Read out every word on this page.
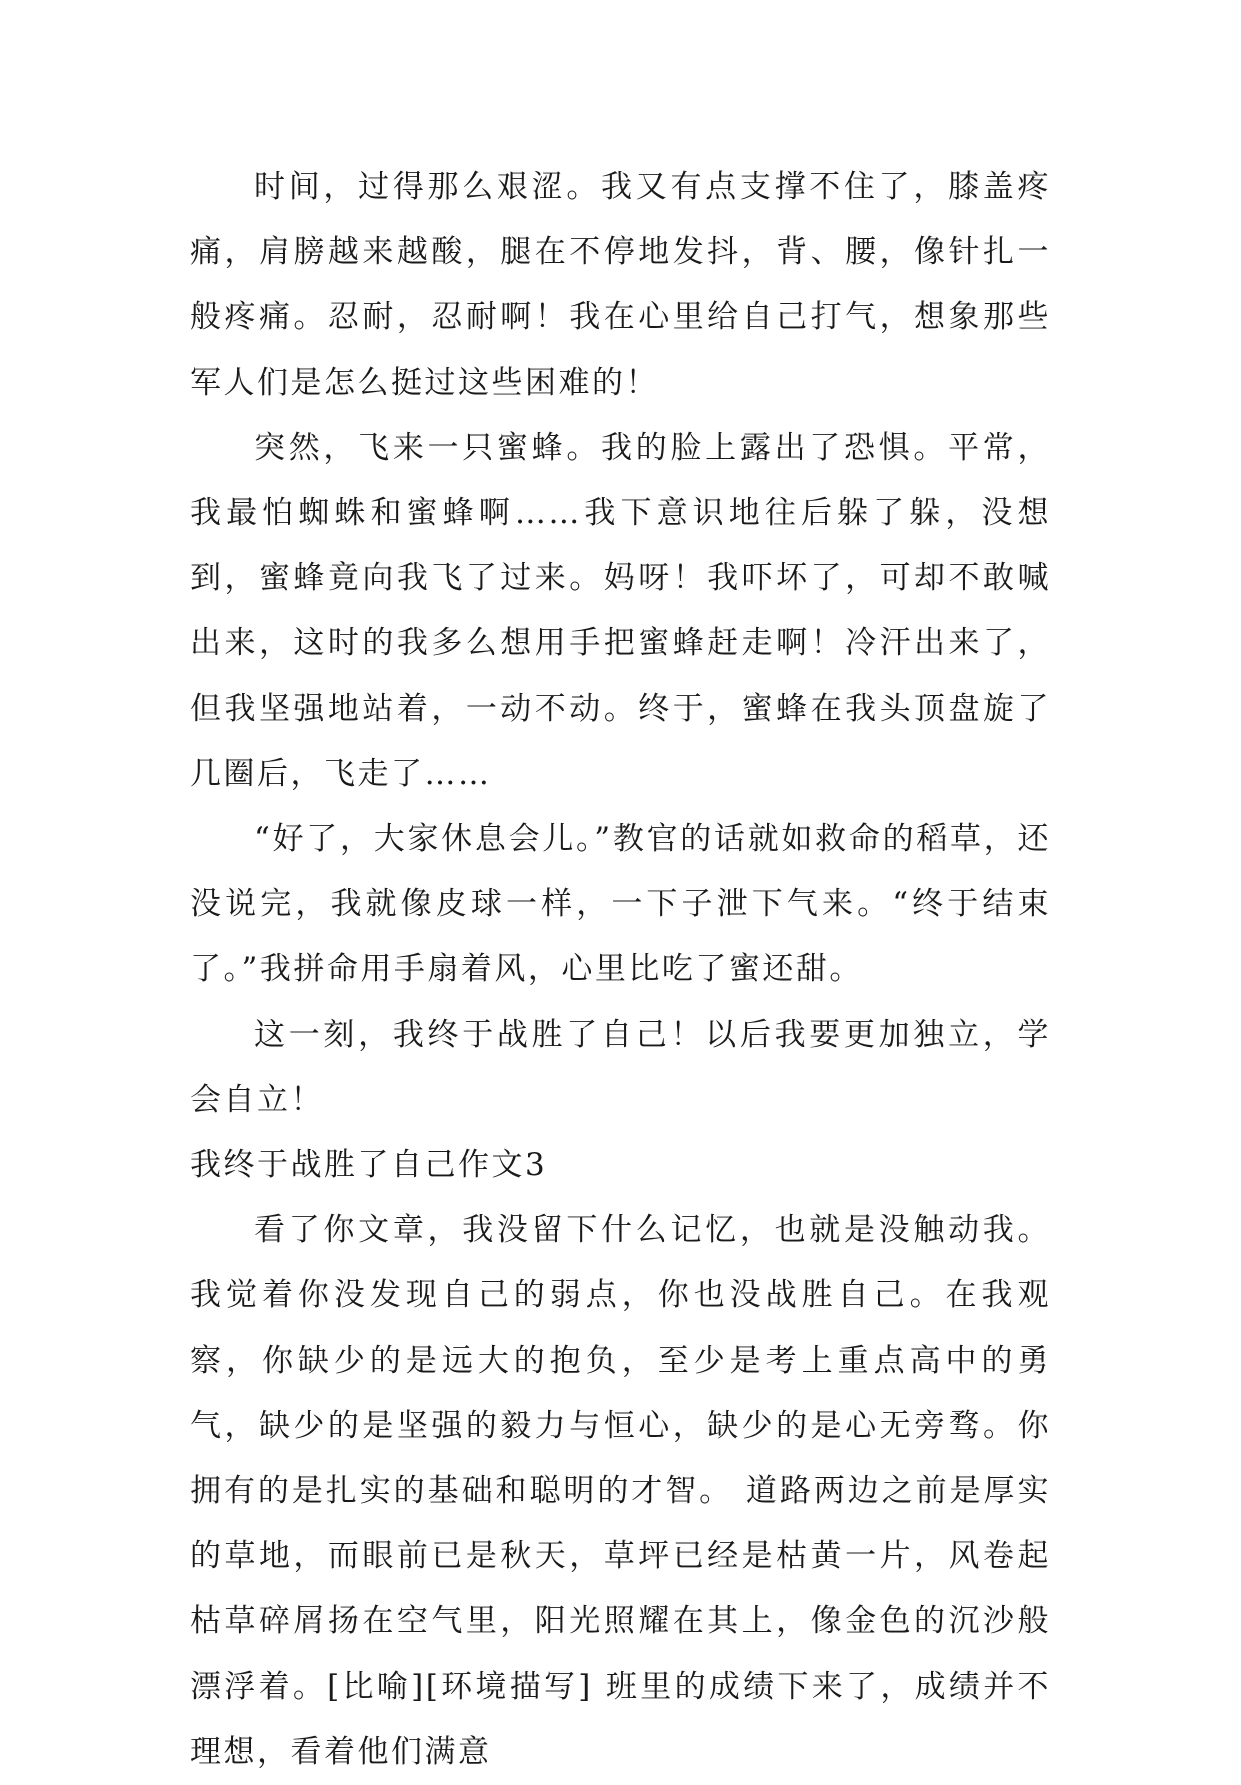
时间，过得那么艰涩。我又有点支撑不住了，膝盖疼痛，肩膀越来越酸，腿在不停地发抖，背、腰，像针扎一般疼痛。忍耐，忍耐啊！我在心里给自己打气，想象那些军人们是怎么挺过这些困难的！

突然，飞来一只蜜蜂。我的脸上露出了恐惧。平常，我最怕蜘蛛和蜜蜂啊……我下意识地往后躲了躲，没想到，蜜蜂竟向我飞了过来。妈呀！我吓坏了，可却不敢喊出来，这时的我多么想用手把蜜蜂赶走啊！冷汗出来了，但我坚强地站着，一动不动。终于，蜜蜂在我头顶盘旋了几圈后，飞走了……

“好了，大家休息会儿。”教官的话就如救命的稻草，还没说完，我就像皮球一样，一下子泄下气来。“终于结束了。”我拼命用手扇着风，心里比吃了蜜还甜。

这一刻，我终于战胜了自己！以后我要更加独立，学会自立！

我终于战胜了自己作文3

看了你文章，我没留下什么记忆，也就是没触动我。我觉着你没发现自己的弱点，你也没战胜自己。在我观察，你缺少的是远大的抱负，至少是考上重点高中的勇气，缺少的是坚强的毅力与恒心，缺少的是心无旁骛。你拥有的是扎实的基础和聪明的才智。 道路两边之前是厚实的草地，而眼前已是秋天，草坪已经是枯黄一片，风卷起枯草碎屑扬在空气里，阳光照耀在其上，像金色的沉沙般漂浮着。[比喻][环境描写] 班里的成绩下来了，成绩并不理想，看着他们满意
